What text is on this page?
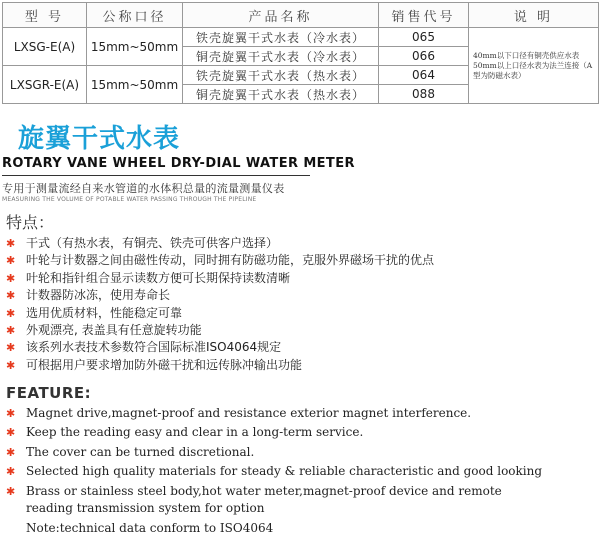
型 号	公称口径	产品名称	销售代号	说 明
LXSG-E(A)	15mm~50mm	铁壳旋翼干式水表（冷水表）	065	40mm以下口径有铜壳供应水表50mm以上口径水表为法兰连接（A型为防磁水表）
		铜壳旋翼干式水表（冷水表）	066	
LXSGR-E(A)	15mm~50mm	铁壳旋翼干式水表（热水表）	064	
		铜壳旋翼干式水表（热水表）	088	
旋翼干式水表
ROTARY VANE WHEEL DRY-DIAL WATER METER

专用于测量流经自来水管道的水体积总量的流量测量仪表

MEASURING THE VOLUME OF POTABLE WATER PASSING THROUGH THE PIPELINE

特点：
✱ 干式（有热水表，有铜壳、铁壳可供客户选择）
✱ 叶轮与计数器之间由磁性传动，同时拥有防磁功能，克服外界磁场干扰的优点
✱ 叶轮和指针组合显示读数方便可长期保持读数清晰
✱ 计数器防冰冻，使用寿命长
✱ 选用优质材料，性能稳定可靠
✱ 外观漂亮, 表盖具有任意旋转功能
✱ 该系列水表技术参数符合国际标准ISO4064规定
✱ 可根据用户要求增加防外磁干扰和远传脉冲输出功能
FEATURE:
✱ Magnet drive,magnet-proof and resistance exterior magnet interference.
✱ Keep the reading easy and clear in a long-term service.
✱ The cover can be turned discretional.
✱ Selected high quality materials for steady & reliable characteristic and good looking
✱ Brass or stainless steel body,hot water meter,magnet-proof device and remote

reading transmission system for option

Note:technical data conform to ISO4064
